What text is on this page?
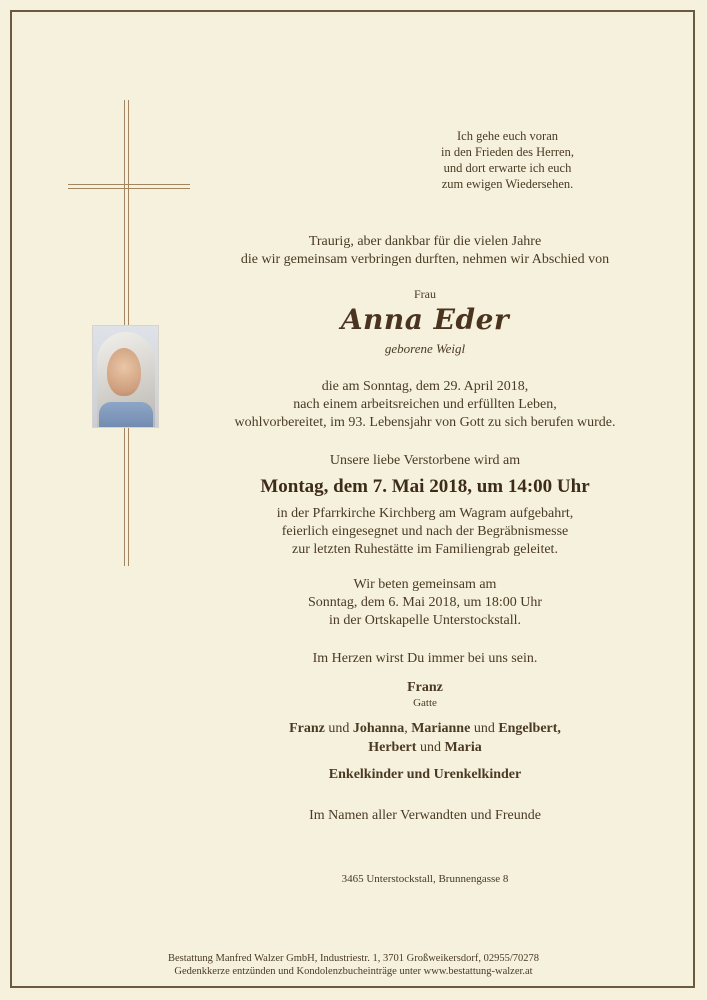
Ich gehe euch voran
in den Frieden des Herren,
und dort erwarte ich euch
zum ewigen Wiedersehen.
Traurig, aber dankbar für die vielen Jahre
die wir gemeinsam verbringen durften, nehmen wir Abschied von
Frau
Anna Eder
geborene Weigl
die am Sonntag, dem 29. April 2018,
nach einem arbeitsreichen und erfüllten Leben,
wohlvorbereitet, im 93. Lebensjahr von Gott zu sich berufen wurde.
Unsere liebe Verstorbene wird am
Montag, dem 7. Mai 2018, um 14:00 Uhr
in der Pfarrkirche Kirchberg am Wagram aufgebahrt,
feierlich eingesegnet und nach der Begräbnismesse
zur letzten Ruhestätte im Familiengrab geleitet.
Wir beten gemeinsam am
Sonntag, dem 6. Mai 2018, um 18:00 Uhr
in der Ortskapelle Unterstockstall.
Im Herzen wirst Du immer bei uns sein.
Franz
Gatte
Franz und Johanna, Marianne und Engelbert,
Herbert und Maria
Enkelkinder und Urenkelkinder
Im Namen aller Verwandten und Freunde
3465 Unterstockstall, Brunnengasse 8
Bestattung Manfred Walzer GmbH, Industriestr. 1, 3701 Großweikersdorf, 02955/70278
Gedenkkerze entzünden und Kondolenzbucheinträge unter www.bestattung-walzer.at
